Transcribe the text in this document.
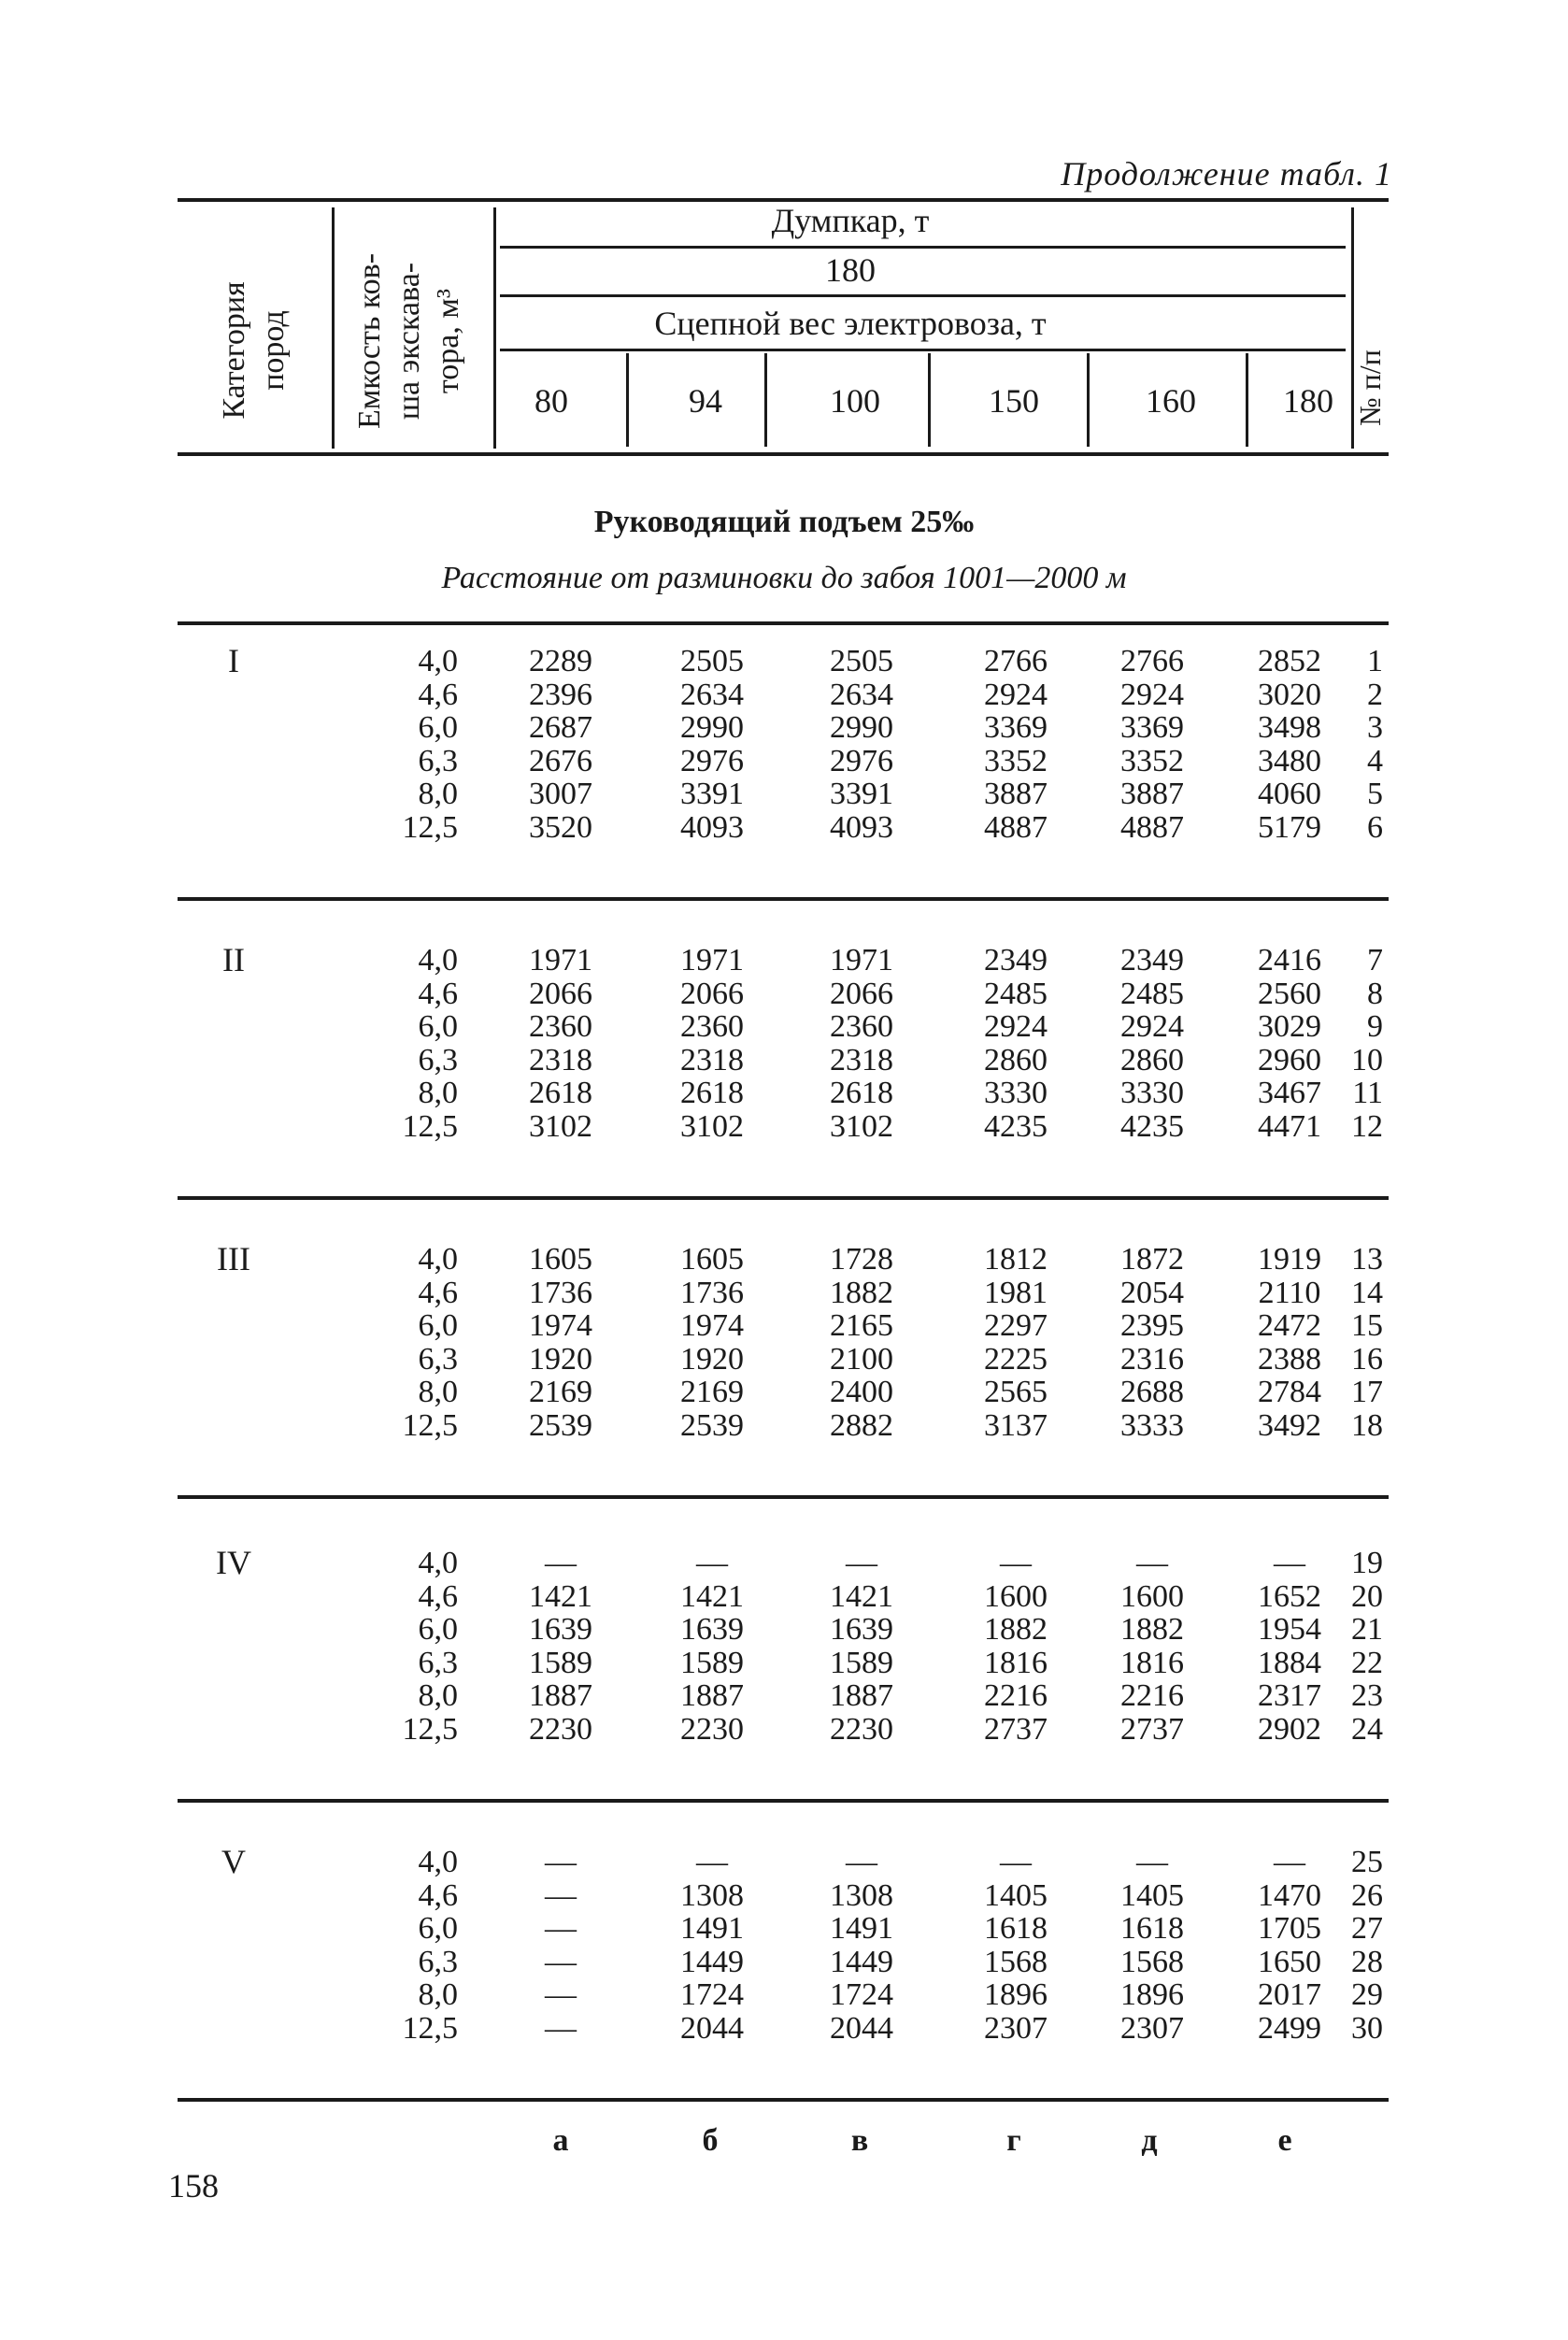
Продолжение табл. 1
Категория пород Емкость ков- ша экскава- тора, м³
Думпкар, т
180
Сцепной вес электровоза, т
80	94	100	150	160	180 № п/п
Руководящий подъем 25‰
Расстояние от разминовки до забоя 1001—2000 м
I	4,0	2289	2505	2505	2766	2766	2852	1
4,6	2396	2634	2634	2924	2924	3020	2
6,0	2687	2990	2990	3369	3369	3498	3
6,3	2676	2976	2976	3352	3352	3480	4
8,0	3007	3391	3391	3887	3887	4060	5
12,5	3520	4093	4093	4887	4887	5179	6
II	4,0	1971	1971	1971	2349	2349	2416	7
4,6	2066	2066	2066	2485	2485	2560	8
6,0	2360	2360	2360	2924	2924	3029	9
6,3	2318	2318	2318	2860	2860	2960 10
8,0	2618	2618	2618	3330	3330	3467 11
12,5	3102	3102	3102	4235	4235	4471 12
III	4,0	1605	1605	1728	1812	1872	1919 13
4,6	1736	1736	1882	1981	2054	2110 14
6,0	1974	1974	2165	2297	2395	2472 15
6,3	1920	1920	2100	2225	2316	2388 16
8,0	2169	2169	2400	2565	2688	2784 17
12,5	2539	2539	2882	3137	3333	3492 18
IV	4,0	—	—	—	—	—	—	19
4,6	1421	1421	1421	1600	1600	1652 20
6,0	1639	1639	1639	1882	1882	1954 21
6,3	1589	1589	1589	1816	1816	1884 22
8,0	1887	1887	1887	2216	2216	2317 23
12,5	2230	2230	2230	2737	2737	2902 24
V	4,0	—	—	—	—	—	—	25
4,6	—	1308	1308	1405	1405	1470 26
6,0	—	1491	1491	1618	1618	1705 27
6,3	—	1449	1449	1568	1568	1650 28
8,0	—	1724	1724	1896	1896	2017 29
12,5	—	2044	2044	2307	2307	2499 30
а	б	в	г	д	е
158
